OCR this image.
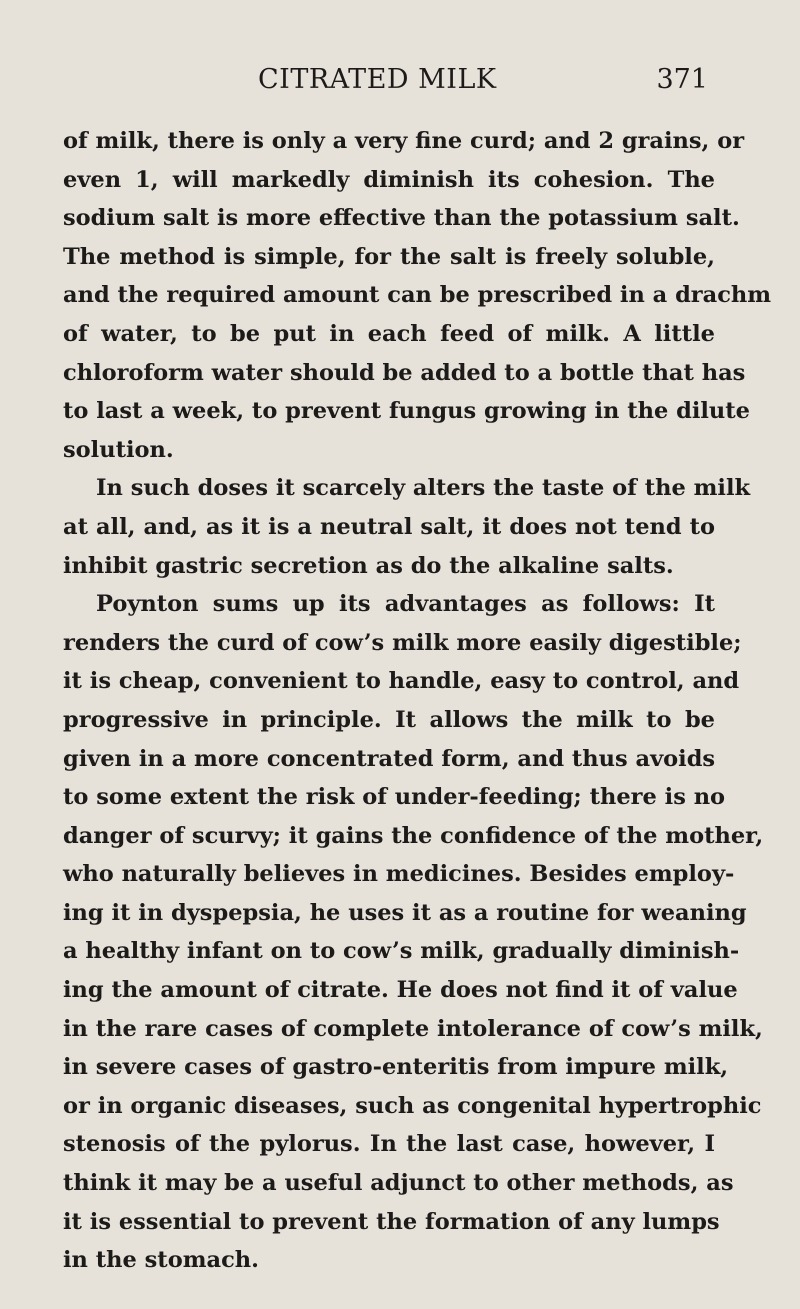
CITRATED MILK	371
of milk, there is only a very fine curd; and 2 grains, or
even 1, will markedly diminish its cohesion. The
sodium salt is more effective than the potassium salt.
The method is simple, for the salt is freely soluble,
and the required amount can be prescribed in a drachm
of water, to be put in each feed of milk. A little
chloroform water should be added to a bottle that has
to last a week, to prevent fungus growing in the dilute
solution.
In such doses it scarcely alters the taste of the milk
at all, and, as it is a neutral salt, it does not tend to
inhibit gastric secretion as do the alkaline salts.
Poynton sums up its advantages as follows: It
renders the curd of cow’s milk more easily digestible;
it is cheap, convenient to handle, easy to control, and
progressive in principle. It allows the milk to be
given in a more concentrated form, and thus avoids
to some extent the risk of under-feeding; there is no
danger of scurvy; it gains the confidence of the mother,
who naturally believes in medicines. Besides employ-
ing it in dyspepsia, he uses it as a routine for weaning
a healthy infant on to cow’s milk, gradually diminish-
ing the amount of citrate. He does not find it of value
in the rare cases of complete intolerance of cow’s milk,
in severe cases of gastro-enteritis from impure milk,
or in organic diseases, such as congenital hypertrophic
stenosis of the pylorus. In the last case, however, I
think it may be a useful adjunct to other methods, as
it is essential to prevent the formation of any lumps
in the stomach.
